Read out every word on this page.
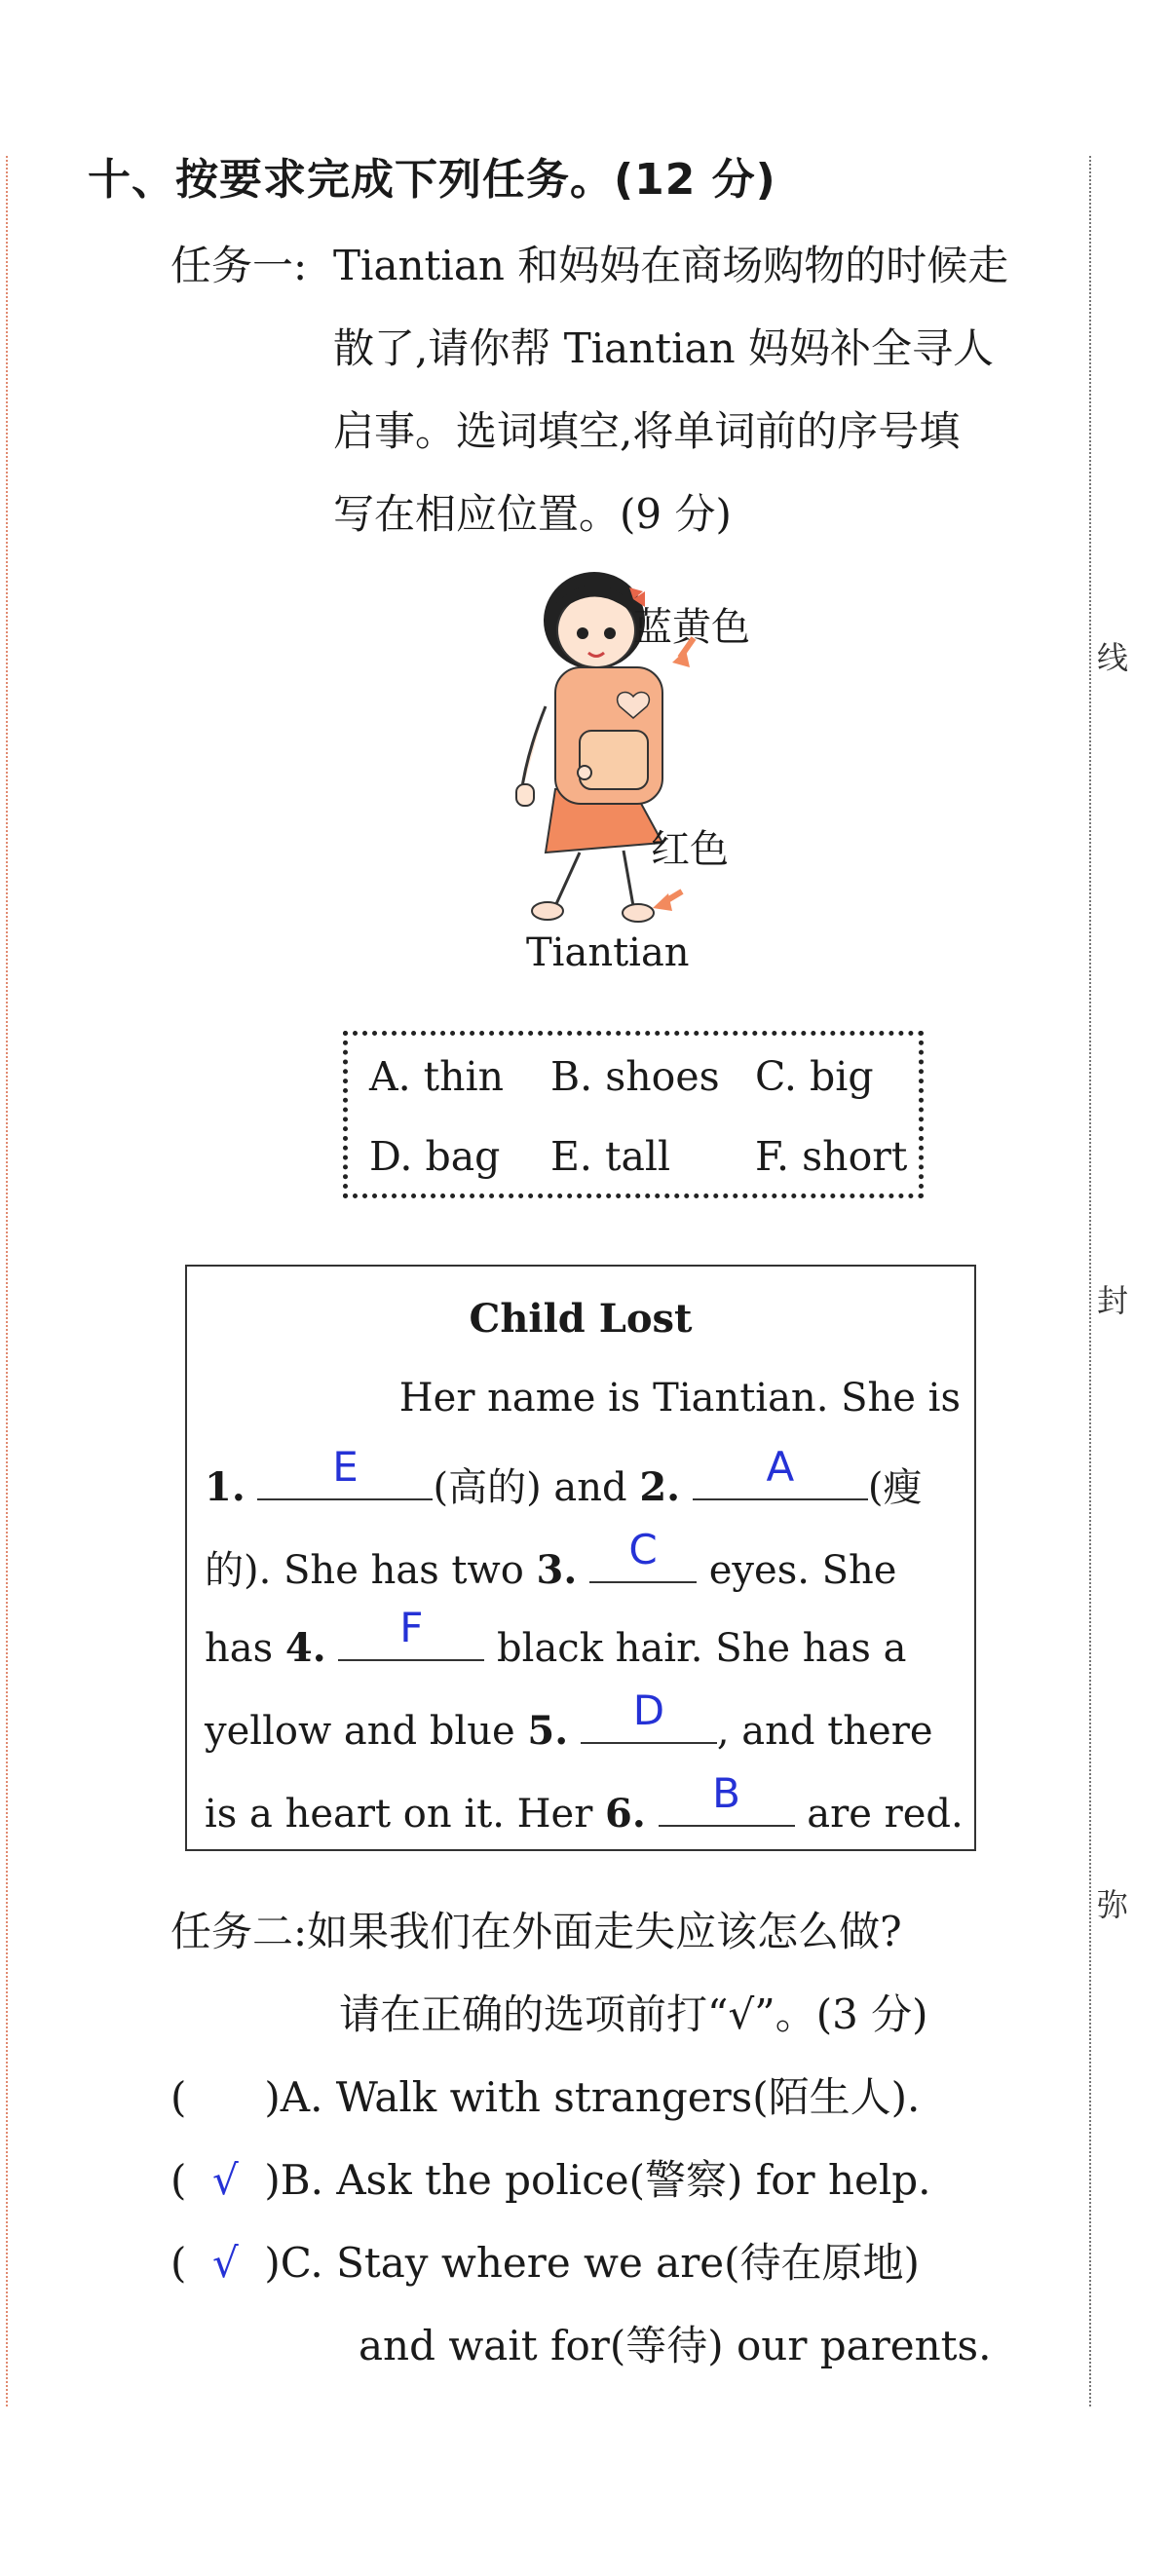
线
封
弥
十、按要求完成下列任务。(12 分)
任务一: Tiantian 和妈妈在商场购物的时候走
散了,请你帮 Tiantian 妈妈补全寻人
启事。选词填空,将单词前的序号填
写在相应位置。(9 分)
蓝黄色
红色
Tiantian
A. thin B. shoes C. big
D. bag E. tall F. short
Child Lost
Her name is Tiantian. She is
1.	E	(高的) and 2.	A	(瘦
的). She has two 3.	C	eyes. She
has 4.	F	black hair. She has a
yellow and blue 5.	D	, and there
is a heart on it. Her 6.	B	are red.
任务二:如果我们在外面走失应该怎么做?
请在正确的选项前打“√”。(3 分)
( )A. Walk with strangers(陌生人).
( √ )B. Ask the police(警察) for help.
( √ )C. Stay where we are(待在原地)
and wait for(等待) our parents.
